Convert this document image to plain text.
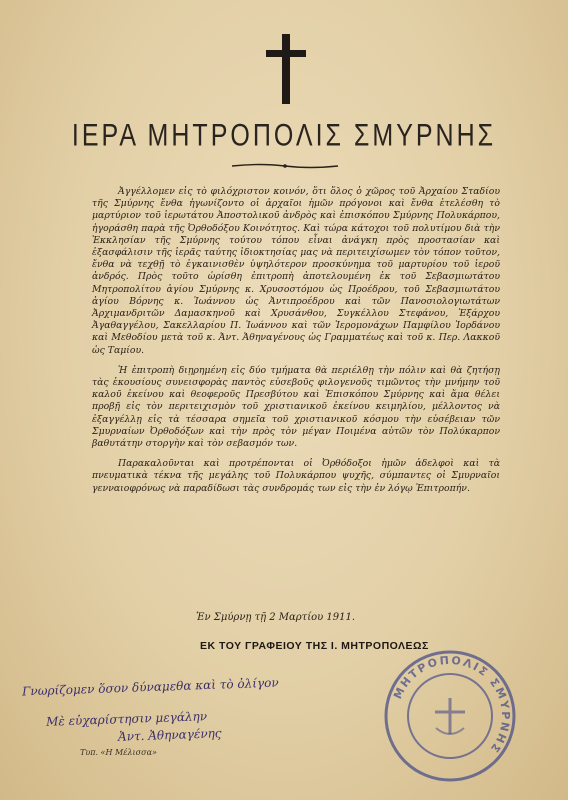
ΙΕΡΑ ΜΗΤΡΟΠΟΛΙΣ ΣΜΥΡΝΗΣ

Ἀγγέλλομεν εἰς τὸ φιλόχριστον κοινόν, ὅτι ὅλος ὁ χῶρος τοῦ Ἀρχαίου Σταδίου τῆς Σμύρνης ἔνθα ἠγωνίζοντο οἱ ἀρχαῖοι ἡμῶν πρόγονοι καὶ ἔνθα ἐτελέσθη τὸ μαρτύριον τοῦ ἱερωτάτου Ἀποστολικοῦ ἀνδρὸς καὶ ἐπισκόπου Σμύρνης Πολυκάρπου, ἠγοράσθη παρὰ τῆς Ὀρθοδόξου Κοινότητος. Καὶ τώρα κάτοχοι τοῦ πολυτίμου διὰ τὴν Ἐκκλησίαν τῆς Σμύρνης τούτου τόπου εἶναι ἀνάγκη πρὸς προστασίαν καὶ ἐξασφάλισιν τῆς ἱερᾶς ταύτης ἰδιοκτησίας μας νὰ περιτειχίσωμεν τὸν τόπον τοῦτον, ἔνθα νὰ τεχθῇ τὸ ἐγκαινισθὲν ὑψηλότερον προσκύνημα τοῦ μαρτυρίου τοῦ ἱεροῦ ἀνδρός. Πρὸς τοῦτο ὡρίσθη ἐπιτροπὴ ἀποτελουμένη ἐκ τοῦ Σεβασμιωτάτου Μητροπολίτου ἁγίου Σμύρνης κ. Χρυσοστόμου ὡς Προέδρου, τοῦ Σεβασμιωτάτου ἁγίου Βόρνης κ. Ἰωάννου ὡς Ἀντιπροέδρου καὶ τῶν Πανοσιολογιωτάτων Ἀρχιμανδριτῶν Δαμασκηνοῦ καὶ Χρυσάνθου, Συγκέλλου Στεφάνου, Ἐξάρχου Ἀγαθαγγέλου, Σακελλαρίου Π. Ἰωάννου καὶ τῶν Ἱερομονάχων Παμφίλου Ἰορδάνου καὶ Μεθοδίου μετὰ τοῦ κ. Ἀντ. Ἀθηναγένους ὡς Γραμματέως καὶ τοῦ κ. Περ. Λακκοῦ ὡς Ταμίου.

Ἡ ἐπιτροπὴ διῃρημένη εἰς δύο τμήματα θὰ περιέλθῃ τὴν πόλιν καὶ θὰ ζητήσῃ τὰς ἑκουσίους συνεισφορὰς παντὸς εὐσεβοῦς φιλογενοῦς τιμῶντος τὴν μνήμην τοῦ καλοῦ ἐκείνου καὶ θεοφεροῦς Πρεσβύτου καὶ Ἐπισκόπου Σμύρνης καὶ ἅμα θέλει προβῇ εἰς τὸν περιτειχισμὸν τοῦ χριστιανικοῦ ἐκείνου κειμηλίου, μέλλοντος νὰ ἐξαγγέλλῃ εἰς τὰ τέσσαρα σημεῖα τοῦ χριστιανικοῦ κόσμου τὴν εὐσέβειαν τῶν Σμυρναίων Ὀρθοδόξων καὶ τὴν πρὸς τὸν μέγαν Ποιμένα αὐτῶν τὸν Πολύκαρπον βαθυτάτην στοργὴν καὶ τὸν σεβασμόν των.

Παρακαλοῦνται καὶ προτρέπονται οἱ Ὀρθόδοξοι ἡμῶν ἀδελφοὶ καὶ τὰ πνευματικὰ τέκνα τῆς μεγάλης τοῦ Πολυκάρπου ψυχῆς, σύμπαντες οἱ Σμυρναῖοι γενναιοφρόνως νὰ παραδίδωσι τὰς συνδρομάς των εἰς τὴν ἐν λόγῳ Ἐπιτροπήν.

Ἐν Σμύρνῃ τῇ 2 Μαρτίου 1911.
ΕΚ ΤΟΥ ΓΡΑΦΕΙΟΥ ΤΗΣ Ι. ΜΗΤΡΟΠΟΛΕΩΣ
Γνωρίζομεν ὅσον δύναμεθα καὶ τὸ ὀλίγον
Μὲ εὐχαρίστησιν μεγάλην
Ἀντ. Ἀθηναγένης
Τυπ. «Η Μέλισσα»
ΜΗΤΡΟΠΟΛΙΣ ΣΜΥΡΝΗΣ
